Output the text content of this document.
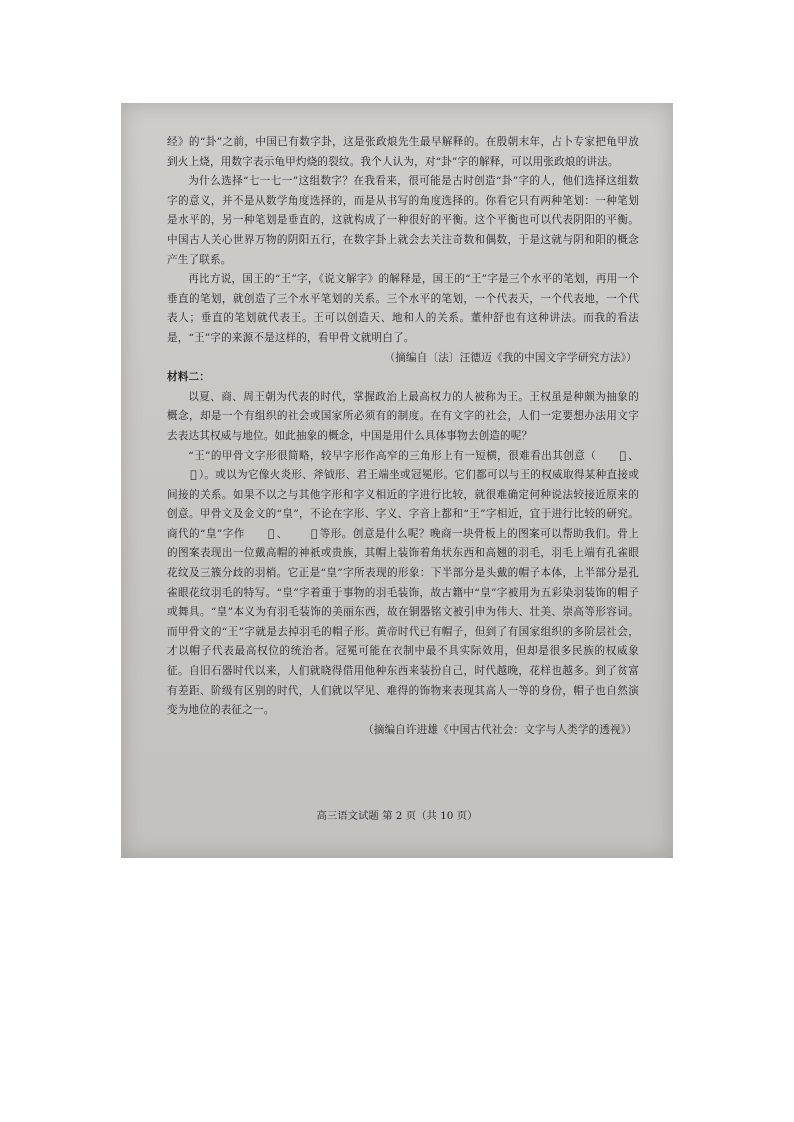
经》的“卦”之前，中国已有数字卦，这是张政烺先生最早解释的。在殷朝末年，占卜专家把龟甲放到火上烧，用数字表示龟甲灼烧的裂纹。我个人认为，对“卦”字的解释，可以用张政烺的讲法。

为什么选择“七一七一”这组数字？在我看来，很可能是古时创造“卦”字的人，他们选择这组数字的意义，并不是从数学角度选择的，而是从书写的角度选择的。你看它只有两种笔划：一种笔划是水平的，另一种笔划是垂直的，这就构成了一种很好的平衡。这个平衡也可以代表阴阳的平衡。中国古人关心世界万物的阴阳五行，在数字卦上就会去关注奇数和偶数，于是这就与阴和阳的概念产生了联系。

再比方说，国王的“王”字，《说文解字》的解释是，国王的“王”字是三个水平的笔划，再用一个垂直的笔划，就创造了三个水平笔划的关系。三个水平的笔划，一个代表天，一个代表地，一个代表人；垂直的笔划就代表王。王可以创造天、地和人的关系。董仲舒也有这种讲法。而我的看法是，“王”字的来源不是这样的，看甲骨文就明白了。

（摘编自〔法〕汪德迈《我的中国文字学研究方法》）

材料二：

以夏、商、周王朝为代表的时代，掌握政治上最高权力的人被称为王。王权虽是种颇为抽象的概念，却是一个有组织的社会或国家所必须有的制度。在有文字的社会，人们一定要想办法用文字去表达其权威与地位。如此抽象的概念，中国是用什么具体事物去创造的呢？

“王”的甲骨文字形很简略，较早字形作高窄的三角形上有一短横，很难看出其创意（ 𠀆 、𠀆 ）。或以为它像火炎形、斧钺形、君王端坐或冠冕形。它们都可以与王的权威取得某种直接或间接的关系。如果不以之与其他字形和字义相近的字进行比较，就很难确定何种说法较接近原来的创意。甲骨文及金文的“皇”，不论在字形、字义、字音上都和“王”字相近，宜于进行比较的研究。商代的“皇”字作 𤽄 、 𤽄 等形。创意是什么呢？晚商一块骨板上的图案可以帮助我们。骨上的图案表现出一位戴高帽的神祇或贵族，其帽上装饰着角状东西和高翘的羽毛，羽毛上端有孔雀眼花纹及三簇分歧的羽梢。它正是“皇”字所表现的形象：下半部分是头戴的帽子本体，上半部分是孔雀眼花纹羽毛的特写。“皇”字着重于事物的羽毛装饰，故古籍中“皇”字被用为五彩染羽装饰的帽子或舞具。“皇”本义为有羽毛装饰的美丽东西，故在铜器铭文被引申为伟大、壮美、崇高等形容词。而甲骨文的“王”字就是去掉羽毛的帽子形。黄帝时代已有帽子，但到了有国家组织的多阶层社会，才以帽子代表最高权位的统治者。冠冕可能在衣制中最不具实际效用，但却是很多民族的权威象征。自旧石器时代以来，人们就晓得借用他种东西来装扮自己，时代越晚，花样也越多。到了贫富有差距、阶级有区别的时代，人们就以罕见、难得的饰物来表现其高人一等的身份，帽子也自然演变为地位的表征之一。

（摘编自许进雄《中国古代社会：文字与人类学的透视》）

高三语文试题 第 2 页（共 10 页）
